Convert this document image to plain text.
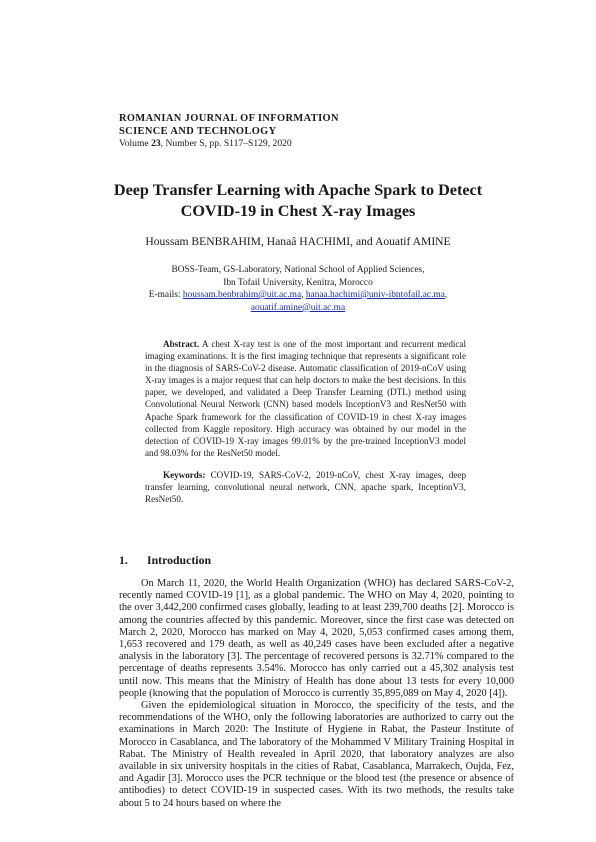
ROMANIAN JOURNAL OF INFORMATION
SCIENCE AND TECHNOLOGY
Volume 23, Number S, pp. S117–S129, 2020
Deep Transfer Learning with Apache Spark to Detect
COVID-19 in Chest X-ray Images
Houssam BENBRAHIM, Hanaâ HACHIMI, and Aouatif AMINE
BOSS-Team, GS-Laboratory, National School of Applied Sciences,
Ibn Tofail University, Kenitra, Morocco
E-mails: houssam.benbrahim@uit.ac.ma, hanaa.hachimi@univ-ibntofail.ac.ma,
aouatif.amine@uit.ac.ma
Abstract. A chest X-ray test is one of the most important and recurrent medical imaging examinations. It is the first imaging technique that represents a significant role in the diagnosis of SARS-CoV-2 disease. Automatic classification of 2019-nCoV using X-ray images is a major request that can help doctors to make the best decisions. In this paper, we developed, and validated a Deep Transfer Learning (DTL) method using Convolutional Neural Network (CNN) based models InceptionV3 and ResNet50 with Apache Spark framework for the classification of COVID-19 in chest X-ray images collected from Kaggle repository. High accuracy was obtained by our model in the detection of COVID-19 X-ray images 99.01% by the pre-trained InceptionV3 model and 98.03% for the ResNet50 model.
Keywords: COVID-19, SARS-CoV-2, 2019-nCoV, chest X-ray images, deep transfer learning, convolutional neural network, CNN, apache spark, InceptionV3, ResNet50.
1. Introduction

On March 11, 2020, the World Health Organization (WHO) has declared SARS-CoV-2, recently named COVID-19 [1], as a global pandemic. The WHO on May 4, 2020, pointing to the over 3,442,200 confirmed cases globally, leading to at least 239,700 deaths [2]. Morocco is among the countries affected by this pandemic. Moreover, since the first case was detected on March 2, 2020, Morocco has marked on May 4, 2020, 5,053 confirmed cases among them, 1,653 recovered and 179 death, as well as 40,249 cases have been excluded after a negative analysis in the laboratory [3]. The percentage of recovered persons is 32.71% compared to the percentage of deaths represents 3.54%. Morocco has only carried out a 45,302 analysis test until now. This means that the Ministry of Health has done about 13 tests for every 10,000 people (knowing that the population of Morocco is currently 35,895,089 on May 4, 2020 [4]).

Given the epidemiological situation in Morocco, the specificity of the tests, and the recommendations of the WHO, only the following laboratories are authorized to carry out the examinations in March 2020: The Institute of Hygiene in Rabat, the Pasteur Institute of Morocco in Casablanca, and The laboratory of the Mohammed V Military Training Hospital in Rabat. The Ministry of Health revealed in April 2020, that laboratory analyzes are also available in six university hospitals in the cities of Rabat, Casablanca, Marrakech, Oujda, Fez, and Agadir [3]. Morocco uses the PCR technique or the blood test (the presence or absence of antibodies) to detect COVID-19 in suspected cases. With its two methods, the results take about 5 to 24 hours based on where the
